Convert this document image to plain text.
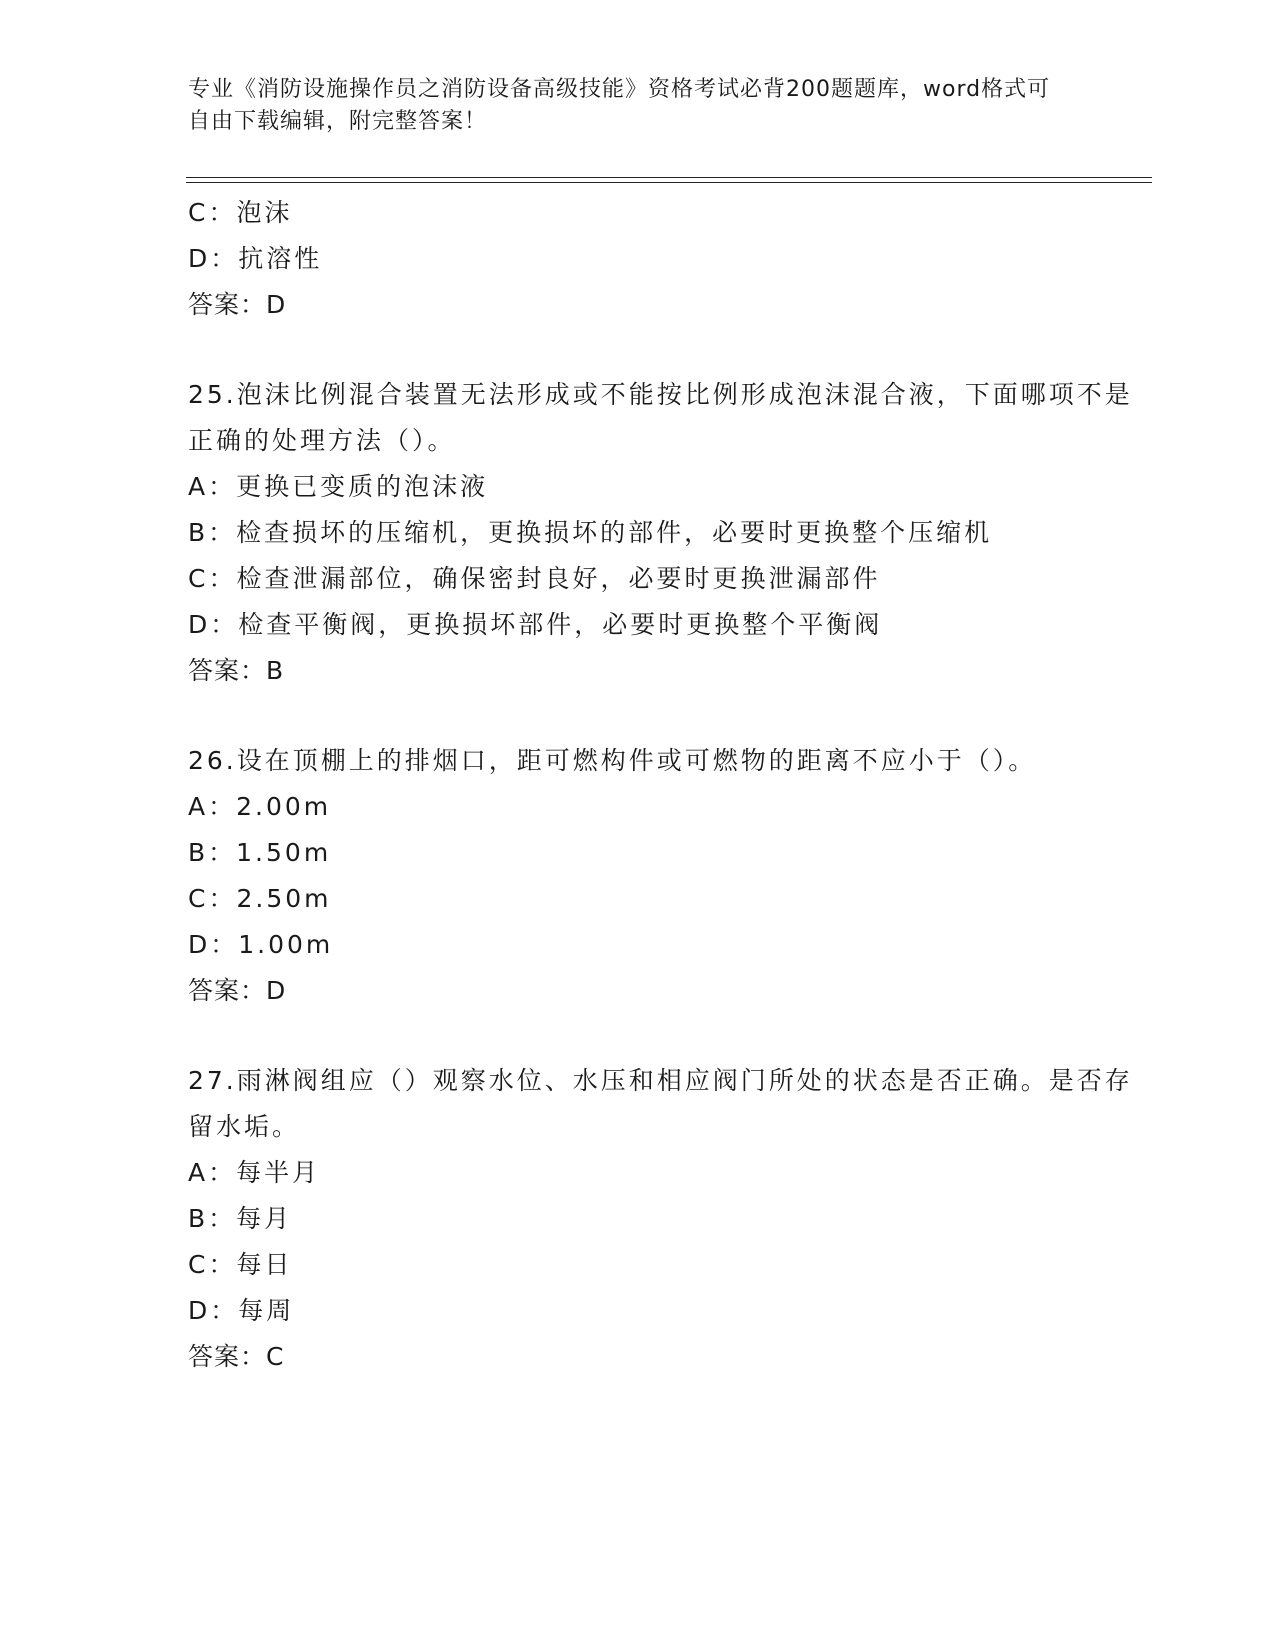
专业《消防设施操作员之消防设备高级技能》资格考试必背200题题库，word格式可自由下载编辑，附完整答案！
C：泡沫
D：抗溶性
答案：D
25.泡沫比例混合装置无法形成或不能按比例形成泡沫混合液，下面哪项不是正确的处理方法（）。
A：更换已变质的泡沫液
B：检查损坏的压缩机，更换损坏的部件，必要时更换整个压缩机
C：检查泄漏部位，确保密封良好，必要时更换泄漏部件
D：检查平衡阀，更换损坏部件，必要时更换整个平衡阀
答案：B
26.设在顶棚上的排烟口，距可燃构件或可燃物的距离不应小于（）。
A：2.00m
B：1.50m
C：2.50m
D：1.00m
答案：D
27.雨淋阀组应（）观察水位、水压和相应阀门所处的状态是否正确。是否存留水垢。
A：每半月
B：每月
C：每日
D：每周
答案：C
